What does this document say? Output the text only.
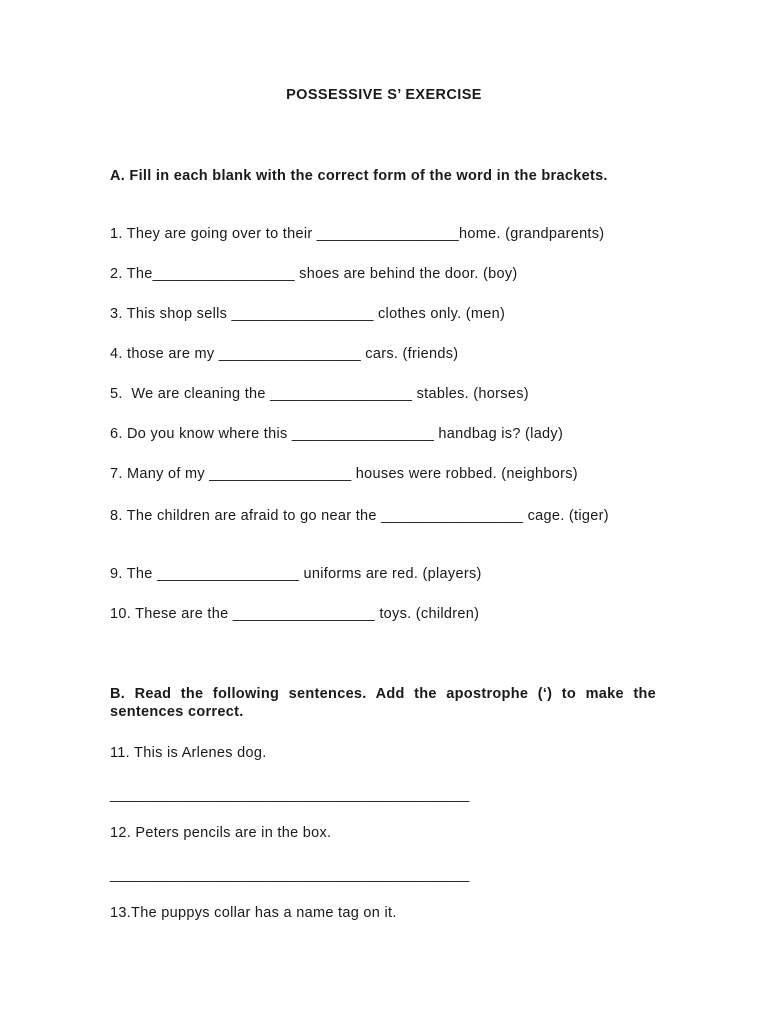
POSSESSIVE S’ EXERCISE
A. Fill in each blank with the correct form of the word in the brackets.
1. They are going over to their _________________home. (grandparents)
2. The_________________ shoes are behind the door. (boy)
3. This shop sells _________________ clothes only. (men)
4. those are my _________________ cars. (friends)
5.  We are cleaning the _________________ stables. (horses)
6. Do you know where this _________________ handbag is? (lady)
7. Many of my _________________ houses were robbed. (neighbors)
8. The children are afraid to go near the _________________ cage. (tiger)
9. The _________________ uniforms are red. (players)
10. These are the _________________ toys. (children)
B. Read the following sentences. Add the apostrophe (‘) to make the sentences correct.
11. This is Arlenes dog.
___________________________________________
12. Peters pencils are in the box.
___________________________________________
13.The puppys collar has a name tag on it.
